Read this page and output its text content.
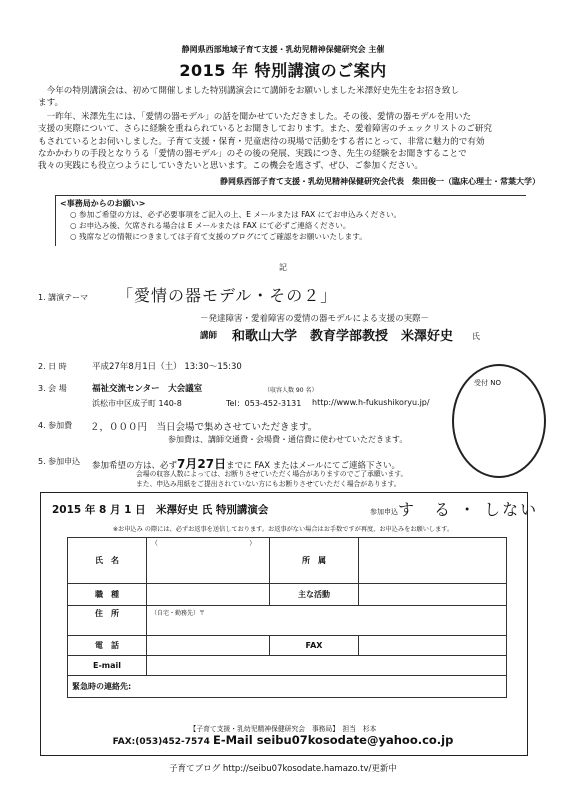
静岡県西部地域子育て支援・乳幼児精神保健研究会 主催
2015 年 特別講演のご案内
　今年の特別講演会は、初めて開催しました特別講演会にて講師をお願いしました米澤好史先生をお招き致し
ます。
　一昨年、米澤先生には、「愛情の器モデル」の話を聞かせていただきました。その後、愛情の器モデルを用いた
支援の実際について、さらに経験を重ねられているとお聞きしております。また、愛着障害のチェックリストのご研究
もされているとお伺いしました。子育て支援・保育・児童虐待の現場で活動をする者にとって、非常に魅力的で有効
なかかわりの手段となりうる「愛情の器モデル」のその後の発展、実践につき、先生の経験をお聞きすることで
我々の実践にも役立つようにしていきたいと思います。この機会を逃さず、ぜひ、ご参加ください。
静岡県西部子育て支援・乳幼児精神保健研究会代表　柴田俊一（臨床心理士・常葉大学）
<事務局からのお願い>
○ 参加ご希望の方は、必ず必要事項をご記入の上、E メールまたは FAX にてお申込みください。
○ お申込み後、欠席される場合は E メールまたは FAX にて必ずご連絡ください。
○ 残席などの情報につきましては子育て支援のブログにてご確認をお願いいたします。
記
1. 講演テーマ 「愛情の器モデル・その２」
－発達障害・愛着障害の愛情の器モデルによる支援の実際－
講師 和歌山大学　教育学部教授　米澤好史 氏
2. 日 時	平成27年8月1日（土） 13:30～15:30
3. 会 場	福祉交流センター　大会議室	（収容人数 90 名）
浜松市中区成子町 140-8	Tel：053-452-3131 http://www.h-fukushikoryu.jp/
4. 参加費 ２，０００円　当日会場で集めさせていただきます。
参加費は、講師交通費・会場費・通信費に使わせていただきます。
5. 参加申込 参加希望の方は、必ず7月27日までに FAX またはメールにてご連絡下さい。
会場の収容人数によっては、お断りさせていただく場合がありますのでご了承願います。
また、申込み用紙をご提出されていない方にもお断りさせていただく場合があります。
受付 NO
2015 年 8 月 1 日　米澤好史 氏 特別講演会	参加申込 す　る ・ しない
※お申込み の際には、必ずお返事を送信しております。お返事がない場合はお手数ですが再度、お申込みをお願いします。
氏　名	（　　　　　　　　　　　　　）	所　属	
職　種		主な活動	
住　所	（自宅・勤務先）〒		
電　話		FAX	
E-mail			
緊急時の連絡先:			
【子育て支援・乳幼児精神保健研究会　事務局】　担当　杉本
FAX:(053)452-7574 E-Mail seibu07kosodate@yahoo.co.jp
子育てブログ http://seibu07kosodate.hamazo.tv/更新中
